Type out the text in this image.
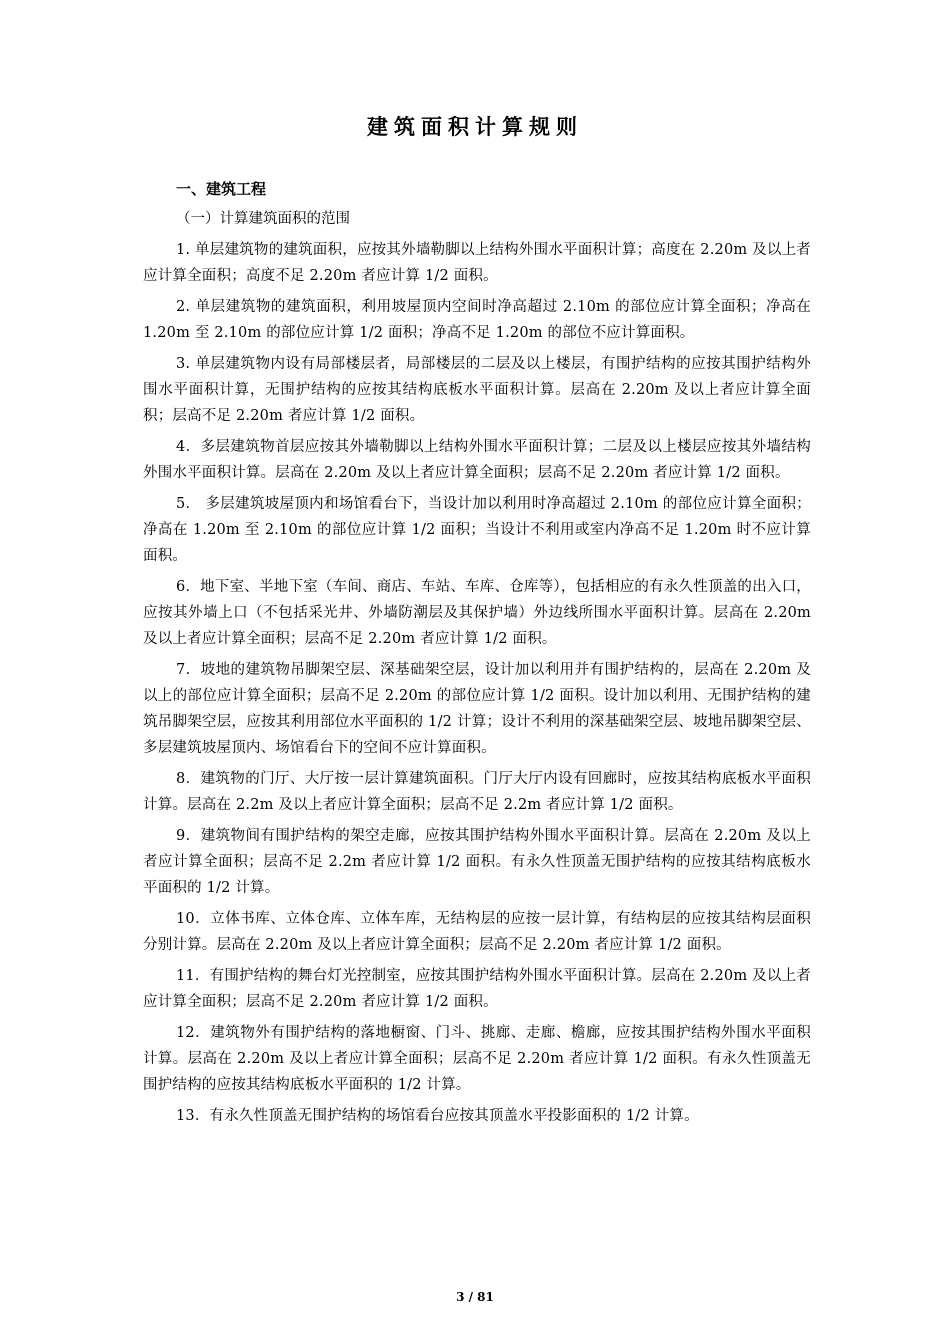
建筑面积计算规则
一、建筑工程
（一）计算建筑面积的范围

1. 单层建筑物的建筑面积，应按其外墙勒脚以上结构外围水平面积计算；高度在 2.20m 及以上者应计算全面积；高度不足 2.20m 者应计算 1/2 面积。

2. 单层建筑物的建筑面积，利用坡屋顶内空间时净高超过 2.10m 的部位应计算全面积；净高在 1.20m 至 2.10m 的部位应计算 1/2 面积；净高不足 1.20m 的部位不应计算面积。

3. 单层建筑物内设有局部楼层者，局部楼层的二层及以上楼层，有围护结构的应按其围护结构外围水平面积计算，无围护结构的应按其结构底板水平面积计算。层高在 2.20m 及以上者应计算全面积；层高不足 2.20m 者应计算 1/2 面积。

4．多层建筑物首层应按其外墙勒脚以上结构外围水平面积计算；二层及以上楼层应按其外墙结构外围水平面积计算。层高在 2.20m 及以上者应计算全面积；层高不足 2.20m 者应计算 1/2 面积。

5． 多层建筑坡屋顶内和场馆看台下，当设计加以利用时净高超过 2.10m 的部位应计算全面积；净高在 1.20m 至 2.10m 的部位应计算 1/2 面积；当设计不利用或室内净高不足 1.20m 时不应计算面积。

6．地下室、半地下室（车间、商店、车站、车库、仓库等），包括相应的有永久性顶盖的出入口，应按其外墙上口（不包括采光井、外墙防潮层及其保护墙）外边线所围水平面积计算。层高在 2.20m 及以上者应计算全面积；层高不足 2.20m 者应计算 1/2 面积。

7．坡地的建筑物吊脚架空层、深基础架空层，设计加以利用并有围护结构的，层高在 2.20m 及以上的部位应计算全面积；层高不足 2.20m 的部位应计算 1/2 面积。设计加以利用、无围护结构的建筑吊脚架空层，应按其利用部位水平面积的 1/2 计算；设计不利用的深基础架空层、坡地吊脚架空层、多层建筑坡屋顶内、场馆看台下的空间不应计算面积。

8．建筑物的门厅、大厅按一层计算建筑面积。门厅大厅内设有回廊时，应按其结构底板水平面积计算。层高在 2.2m 及以上者应计算全面积；层高不足 2.2m 者应计算 1/2 面积。

9．建筑物间有围护结构的架空走廊，应按其围护结构外围水平面积计算。层高在 2.20m 及以上者应计算全面积；层高不足 2.2m 者应计算 1/2 面积。有永久性顶盖无围护结构的应按其结构底板水平面积的 1/2 计算。

10．立体书库、立体仓库、立体车库，无结构层的应按一层计算，有结构层的应按其结构层面积分别计算。层高在 2.20m 及以上者应计算全面积；层高不足 2.20m 者应计算 1/2 面积。

11．有围护结构的舞台灯光控制室，应按其围护结构外围水平面积计算。层高在 2.20m 及以上者应计算全面积；层高不足 2.20m 者应计算 1/2 面积。

12．建筑物外有围护结构的落地橱窗、门斗、挑廊、走廊、檐廊，应按其围护结构外围水平面积计算。层高在 2.20m 及以上者应计算全面积；层高不足 2.20m 者应计算 1/2 面积。有永久性顶盖无围护结构的应按其结构底板水平面积的 1/2 计算。

13．有永久性顶盖无围护结构的场馆看台应按其顶盖水平投影面积的 1/2 计算。

3 / 81
